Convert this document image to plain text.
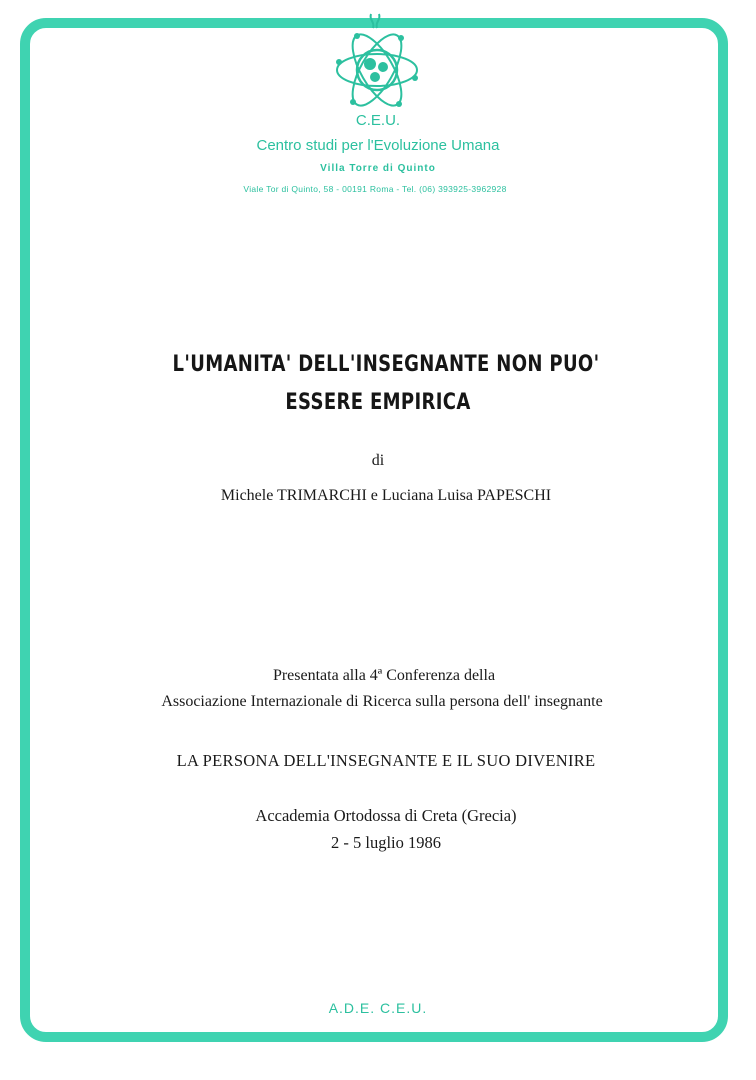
C.E.U.
Centro studi per l'Evoluzione Umana
Villa Torre di Quinto
Viale Tor di Quinto, 58 - 00191 Roma - Tel. (06) 393925-3962928
L'UMANITA' DELL'INSEGNANTE NON PUO'
ESSERE EMPIRICA
di
Michele TRIMARCHI e Luciana Luisa PAPESCHI
Presentata alla 4ª Conferenza della
Associazione Internazionale di Ricerca sulla persona dell' insegnante
LA PERSONA DELL'INSEGNANTE E IL SUO DIVENIRE
Accademia Ortodossa di Creta (Grecia)
2 - 5 luglio 1986
A.D.E. C.E.U.
